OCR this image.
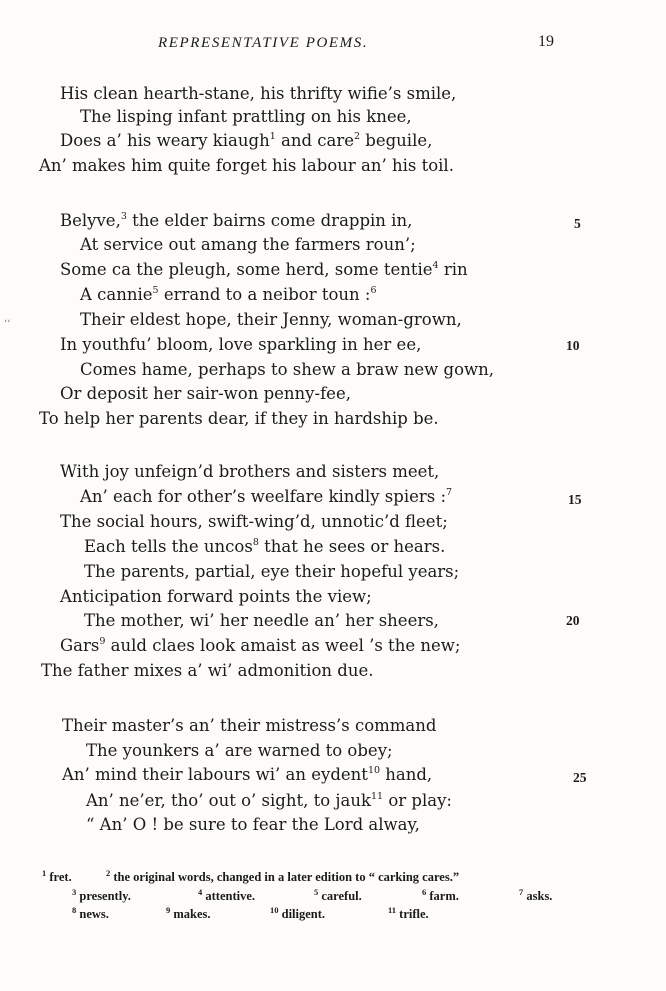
REPRESENTATIVE POEMS.	19
‘‘
His clean hearth-stane, his thrifty wifie’s smile,
The lisping infant prattling on his knee,
Does a’ his weary kiaugh$^1$ and care$^2$ beguile,
An’ makes him quite forget his labour an’ his toil.
Belyve,$^3$ the elder bairns come drappin in,
At service out amang the farmers roun’;
Some ca the pleugh, some herd, some tentie$^4$ rin
A cannie$^5$ errand to a neibor toun :$^6$
Their eldest hope, their Jenny, woman-grown,
In youthfu’ bloom, love sparkling in her ee,
Comes hame, perhaps to shew a braw new gown,
Or deposit her sair-won penny-fee,
To help her parents dear, if they in hardship be.
With joy unfeign’d brothers and sisters meet,
An’ each for other’s weelfare kindly spiers :$^7$
The social hours, swift-wing’d, unnotic’d fleet;
Each tells the uncos$^8$ that he sees or hears.
The parents, partial, eye their hopeful years;
Anticipation forward points the view;
The mother, wi’ her needle an’ her sheers,
Gars$^9$ auld claes look amaist as weel ’s the new;
The father mixes a’ wi’ admonition due.
Their master’s an’ their mistress’s command
The younkers a’ are warned to obey;
An’ mind their labours wi’ an eydent$^{10}$ hand,
An’ ne’er, tho’ out o’ sight, to jauk$^{11}$ or play:
“ An’ O ! be sure to fear the Lord alway,
5
10
15
20
25
$^1$ fret.	$^2$ the original words, changed in a later edition to “ carking cares.”
$^3$ presently.	$^4$ attentive.	$^5$ careful.	$^6$ farm.	$^7$ asks.
$^8$ news.	$^9$ makes.	$^{10}$ diligent.	$^{11}$ trifle.
